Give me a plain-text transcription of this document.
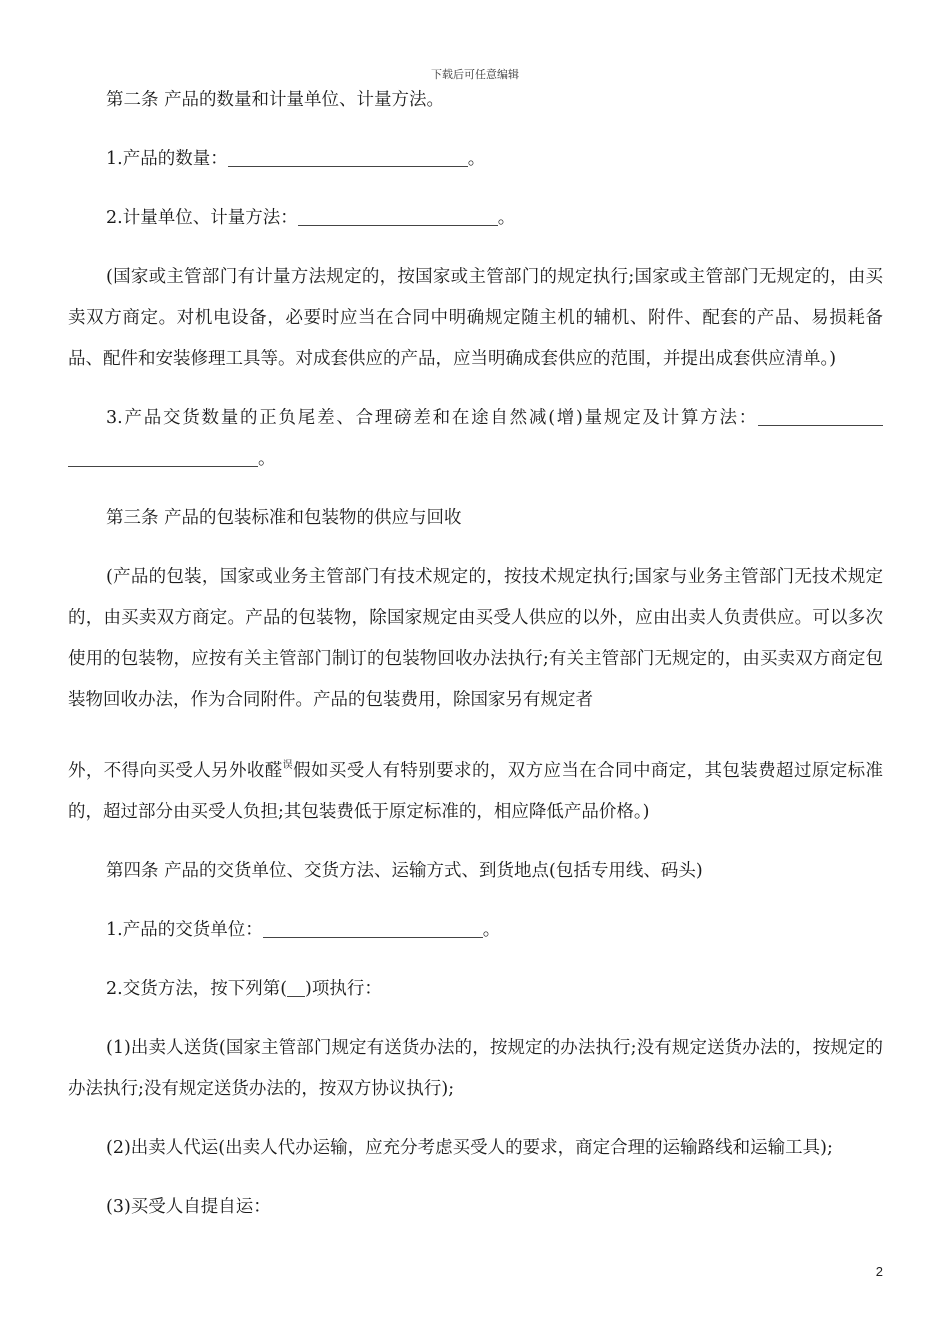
下载后可任意编辑

第二条 产品的数量和计量单位、计量方法。

1.产品的数量：	。

2.计量单位、计量方法：	。

(国家或主管部门有计量方法规定的，按国家或主管部门的规定执行;国家或主管部门无规定的，由买卖双方商定。对机电设备，必要时应当在合同中明确规定随主机的辅机、附件、配套的产品、易损耗备品、配件和安装修理工具等。对成套供应的产品，应当明确成套供应的范围，并提出成套供应清单。)

3.产品交货数量的正负尾差、合理磅差和在途自然减(增)量规定及计算方法： 。

第三条 产品的包装标准和包装物的供应与回收

(产品的包装，国家或业务主管部门有技术规定的，按技术规定执行;国家与业务主管部门无技术规定的，由买卖双方商定。产品的包装物，除国家规定由买受人供应的以外，应由出卖人负责供应。可以多次使用的包装物，应按有关主管部门制订的包装物回收办法执行;有关主管部门无规定的，由买卖双方商定包装物回收办法，作为合同附件。产品的包装费用，除国家另有规定者

外，不得向买受人另外收醛$^误$假如买受人有特别要求的，双方应当在合同中商定，其包装费超过原定标准的，超过部分由买受人负担;其包装费低于原定标准的，相应降低产品价格。)

第四条 产品的交货单位、交货方法、运输方式、到货地点(包括专用线、码头)

1.产品的交货单位：	。

2.交货方法，按下列第( )项执行：

(1)出卖人送货(国家主管部门规定有送货办法的，按规定的办法执行;没有规定送货办法的，按规定的办法执行;没有规定送货办法的，按双方协议执行);

(2)出卖人代运(出卖人代办运输，应充分考虑买受人的要求，商定合理的运输路线和运输工具);

(3)买受人自提自运：

2
